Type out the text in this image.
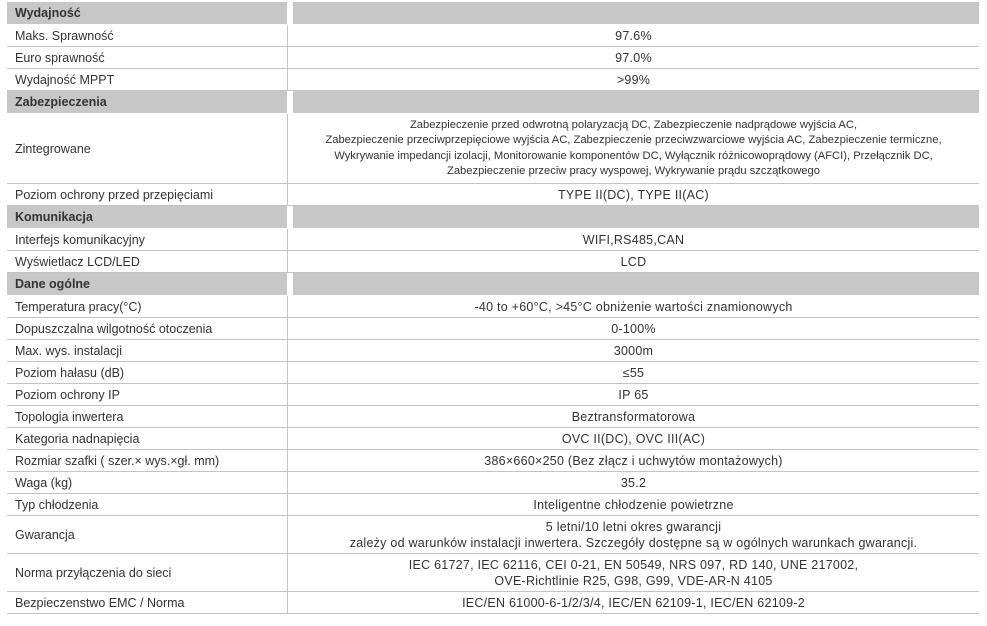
Wydajność	
Maks. Sprawność	97.6%
Euro sprawność	97.0%
Wydajność MPPT	>99%
Zabezpieczenia	
Zintegrowane	Zabezpieczenie przed odwrotną polaryzacją DC, Zabezpieczenie nadprądowe wyjścia AC,
Zabezpieczenie przeciwprzepięciowe wyjścia AC, Zabezpieczenie przeciwzwarciowe wyjścia AC, Zabezpieczenie termiczne,
Wykrywanie impedancji izolacji, Monitorowanie komponentów DC, Wyłącznik różnicowoprądowy (AFCI), Przełącznik DC,
Zabezpieczenie przeciw pracy wyspowej, Wykrywanie prądu szczątkowego
Poziom ochrony przed przepięciami	TYPE II(DC), TYPE II(AC)
Komunikacja	
Interfejs komunikacyjny	WIFI,RS485,CAN
Wyświetlacz LCD/LED	LCD
Dane ogólne	
Temperatura pracy(°C)	-40 to +60°C, >45°C obniżenie wartości znamionowych
Dopuszczalna wilgotność otoczenia	0-100%
Max. wys. instalacji	3000m
Poziom hałasu (dB)	≤55
Poziom ochrony IP	IP 65
Topologia inwertera	Beztransformatorowa
Kategoria nadnapięcia	OVC II(DC), OVC III(AC)
Rozmiar szafki ( szer.× wys.×gł. mm)	386×660×250 (Bez złącz i uchwytów montażowych)
Waga (kg)	35.2
Typ chłodzenia	Inteligentne chłodzenie powietrzne
Gwarancja	5 letni/10 letni okres gwarancji
zależy od warunków instalacji inwertera. Szczegóły dostępne są w ogólnych warunkach gwarancji.
Norma przyłączenia do sieci	IEC 61727, IEC 62116, CEI 0-21, EN 50549, NRS 097, RD 140, UNE 217002,
OVE-Richtlinie R25, G98, G99, VDE-AR-N 4105
Bezpieczenstwo EMC / Norma	IEC/EN 61000-6-1/2/3/4, IEC/EN 62109-1, IEC/EN 62109-2
